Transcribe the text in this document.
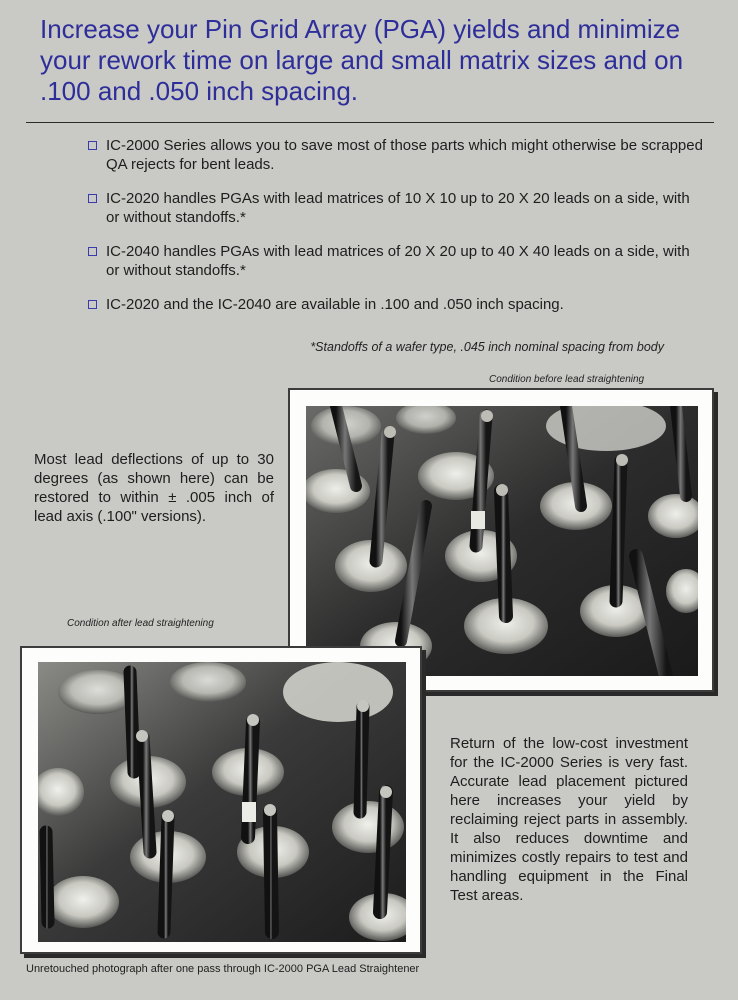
Increase your Pin Grid Array (PGA) yields and minimize your rework time on large and small matrix sizes and on .100 and .050 inch spacing.
IC-2000 Series allows you to save most of those parts which might otherwise be scrapped QA rejects for bent leads.
IC-2020 handles PGAs with lead matrices of 10 X 10 up to 20 X 20 leads on a side, with or without standoffs.*
IC-2040 handles PGAs with lead matrices of 20 X 20 up to 40 X 40 leads on a side, with or without standoffs.*
IC-2020 and the IC-2040 are available in .100 and .050 inch spacing.
*Standoffs of a wafer type, .045 inch nominal spacing from body
Condition before lead straightening
Most lead deflections of up to 30 degrees (as shown here) can be restored to within ± .005 inch of lead axis (.100" versions).
Condition after lead straightening
Return of the low-cost investment for the IC-2000 Series is very fast. Accurate lead placement pictured here increases your yield by reclaiming reject parts in assembly. It also reduces downtime and minimizes costly repairs to test and handling equipment in the Final Test areas.
Unretouched photograph after one pass through IC-2000 PGA Lead Straightener
